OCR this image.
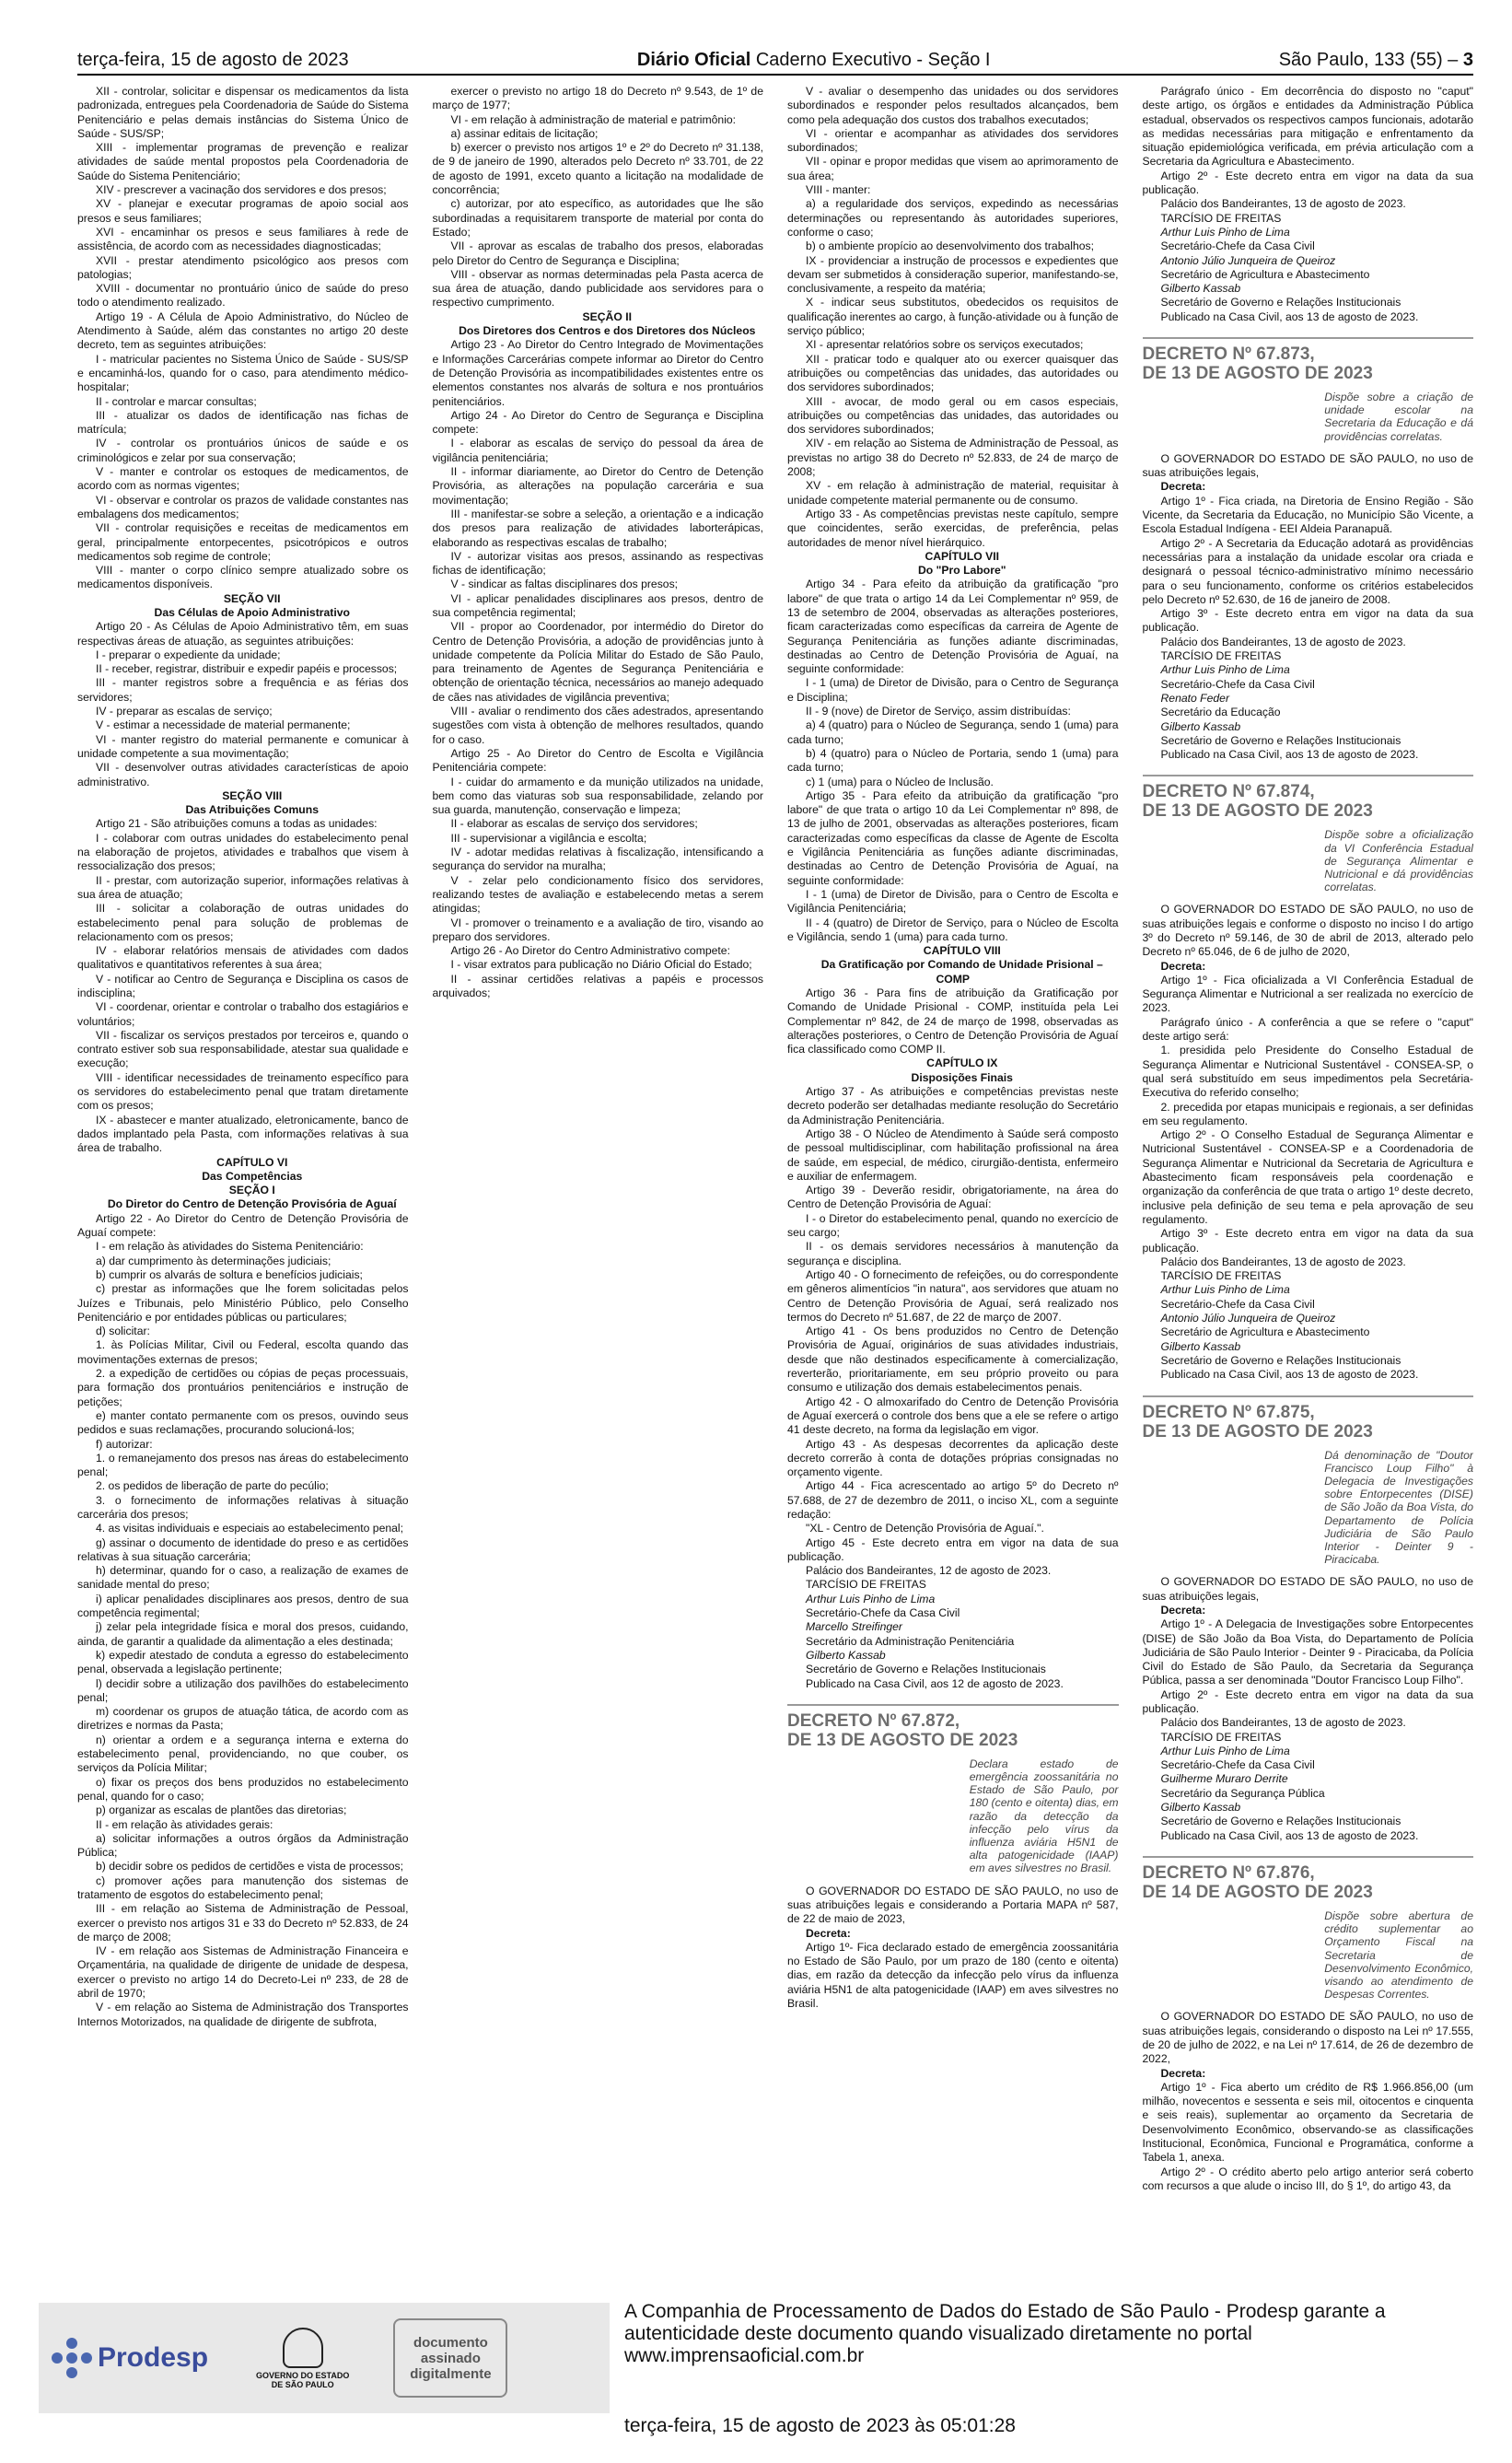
terça-feira, 15 de agosto de 2023	Diário Oficial Caderno Executivo - Seção I	São Paulo, 133 (55) – 3

XII - controlar, solicitar e dispensar os medicamentos da lista padronizada, entregues pela Coordenadoria de Saúde do Sistema Penitenciário e pelas demais instâncias do Sistema Único de Saúde - SUS/SP;

XIII - implementar programas de prevenção e realizar atividades de saúde mental propostos pela Coordenadoria de Saúde do Sistema Penitenciário;

XIV - prescrever a vacinação dos servidores e dos presos;

XV - planejar e executar programas de apoio social aos presos e seus familiares;

XVI - encaminhar os presos e seus familiares à rede de assistência, de acordo com as necessidades diagnosticadas;

XVII - prestar atendimento psicológico aos presos com patologias;

XVIII - documentar no prontuário único de saúde do preso todo o atendimento realizado.

Artigo 19 - A Célula de Apoio Administrativo, do Núcleo de Atendimento à Saúde, além das constantes no artigo 20 deste decreto, tem as seguintes atribuições:

I - matricular pacientes no Sistema Único de Saúde - SUS/SP e encaminhá-los, quando for o caso, para atendimento médico-hospitalar;

II - controlar e marcar consultas;

III - atualizar os dados de identificação nas fichas de matrícula;

IV - controlar os prontuários únicos de saúde e os criminológicos e zelar por sua conservação;

V - manter e controlar os estoques de medicamentos, de acordo com as normas vigentes;

VI - observar e controlar os prazos de validade constantes nas embalagens dos medicamentos;

VII - controlar requisições e receitas de medicamentos em geral, principalmente entorpecentes, psicotrópicos e outros medicamentos sob regime de controle;

VIII - manter o corpo clínico sempre atualizado sobre os medicamentos disponíveis.

SEÇÃO VII

Das Células de Apoio Administrativo

Artigo 20 - As Células de Apoio Administrativo têm, em suas respectivas áreas de atuação, as seguintes atribuições:

I - preparar o expediente da unidade;

II - receber, registrar, distribuir e expedir papéis e processos;

III - manter registros sobre a frequência e as férias dos servidores;

IV - preparar as escalas de serviço;

V - estimar a necessidade de material permanente;

VI - manter registro do material permanente e comunicar à unidade competente a sua movimentação;

VII - desenvolver outras atividades características de apoio administrativo.

SEÇÃO VIII

Das Atribuições Comuns

Artigo 21 - São atribuições comuns a todas as unidades:

I - colaborar com outras unidades do estabelecimento penal na elaboração de projetos, atividades e trabalhos que visem à ressocialização dos presos;

II - prestar, com autorização superior, informações relativas à sua área de atuação;

III - solicitar a colaboração de outras unidades do estabelecimento penal para solução de problemas de relacionamento com os presos;

IV - elaborar relatórios mensais de atividades com dados qualitativos e quantitativos referentes à sua área;

V - notificar ao Centro de Segurança e Disciplina os casos de indisciplina;

VI - coordenar, orientar e controlar o trabalho dos estagiários e voluntários;

VII - fiscalizar os serviços prestados por terceiros e, quando o contrato estiver sob sua responsabilidade, atestar sua qualidade e execução;

VIII - identificar necessidades de treinamento específico para os servidores do estabelecimento penal que tratam diretamente com os presos;

IX - abastecer e manter atualizado, eletronicamente, banco de dados implantado pela Pasta, com informações relativas à sua área de trabalho.

CAPÍTULO VI

Das Competências

SEÇÃO I

Do Diretor do Centro de Detenção Provisória de Aguaí

Artigo 22 - Ao Diretor do Centro de Detenção Provisória de Aguaí compete:

I - em relação às atividades do Sistema Penitenciário:

a) dar cumprimento às determinações judiciais;

b) cumprir os alvarás de soltura e benefícios judiciais;

c) prestar as informações que lhe forem solicitadas pelos Juízes e Tribunais, pelo Ministério Público, pelo Conselho Penitenciário e por entidades públicas ou particulares;

d) solicitar:

1. às Polícias Militar, Civil ou Federal, escolta quando das movimentações externas de presos;

2. a expedição de certidões ou cópias de peças processuais, para formação dos prontuários penitenciários e instrução de petições;

e) manter contato permanente com os presos, ouvindo seus pedidos e suas reclamações, procurando solucioná-los;

f) autorizar:

1. o remanejamento dos presos nas áreas do estabelecimento penal;

2. os pedidos de liberação de parte do pecúlio;

3. o fornecimento de informações relativas à situação carcerária dos presos;

4. as visitas individuais e especiais ao estabelecimento penal;

g) assinar o documento de identidade do preso e as certidões relativas à sua situação carcerária;

h) determinar, quando for o caso, a realização de exames de sanidade mental do preso;

i) aplicar penalidades disciplinares aos presos, dentro de sua competência regimental;

j) zelar pela integridade física e moral dos presos, cuidando, ainda, de garantir a qualidade da alimentação a eles destinada;

k) expedir atestado de conduta a egresso do estabelecimento penal, observada a legislação pertinente;

l) decidir sobre a utilização dos pavilhões do estabelecimento penal;

m) coordenar os grupos de atuação tática, de acordo com as diretrizes e normas da Pasta;

n) orientar a ordem e a segurança interna e externa do estabelecimento penal, providenciando, no que couber, os serviços da Polícia Militar;

o) fixar os preços dos bens produzidos no estabelecimento penal, quando for o caso;

p) organizar as escalas de plantões das diretorias;

II - em relação às atividades gerais:

a) solicitar informações a outros órgãos da Administração Pública;

b) decidir sobre os pedidos de certidões e vista de processos;

c) promover ações para manutenção dos sistemas de tratamento de esgotos do estabelecimento penal;

III - em relação ao Sistema de Administração de Pessoal, exercer o previsto nos artigos 31 e 33 do Decreto nº 52.833, de 24 de março de 2008;

IV - em relação aos Sistemas de Administração Financeira e Orçamentária, na qualidade de dirigente de unidade de despesa, exercer o previsto no artigo 14 do Decreto-Lei nº 233, de 28 de abril de 1970;

V - em relação ao Sistema de Administração dos Transportes Internos Motorizados, na qualidade de dirigente de subfrota,

exercer o previsto no artigo 18 do Decreto nº 9.543, de 1º de março de 1977;

VI - em relação à administração de material e patrimônio:

a) assinar editais de licitação;

b) exercer o previsto nos artigos 1º e 2º do Decreto nº 31.138, de 9 de janeiro de 1990, alterados pelo Decreto nº 33.701, de 22 de agosto de 1991, exceto quanto a licitação na modalidade de concorrência;

c) autorizar, por ato específico, as autoridades que lhe são subordinadas a requisitarem transporte de material por conta do Estado;

VII - aprovar as escalas de trabalho dos presos, elaboradas pelo Diretor do Centro de Segurança e Disciplina;

VIII - observar as normas determinadas pela Pasta acerca de sua área de atuação, dando publicidade aos servidores para o respectivo cumprimento.

SEÇÃO II

Dos Diretores dos Centros e dos Diretores dos Núcleos

Artigo 23 - Ao Diretor do Centro Integrado de Movimentações e Informações Carcerárias compete informar ao Diretor do Centro de Detenção Provisória as incompatibilidades existentes entre os elementos constantes nos alvarás de soltura e nos prontuários penitenciários.

Artigo 24 - Ao Diretor do Centro de Segurança e Disciplina compete:

I - elaborar as escalas de serviço do pessoal da área de vigilância penitenciária;

II - informar diariamente, ao Diretor do Centro de Detenção Provisória, as alterações na população carcerária e sua movimentação;

III - manifestar-se sobre a seleção, a orientação e a indicação dos presos para realização de atividades laborterápicas, elaborando as respectivas escalas de trabalho;

IV - autorizar visitas aos presos, assinando as respectivas fichas de identificação;

V - sindicar as faltas disciplinares dos presos;

VI - aplicar penalidades disciplinares aos presos, dentro de sua competência regimental;

VII - propor ao Coordenador, por intermédio do Diretor do Centro de Detenção Provisória, a adoção de providências junto à unidade competente da Polícia Militar do Estado de São Paulo, para treinamento de Agentes de Segurança Penitenciária e obtenção de orientação técnica, necessários ao manejo adequado de cães nas atividades de vigilância preventiva;

VIII - avaliar o rendimento dos cães adestrados, apresentando sugestões com vista à obtenção de melhores resultados, quando for o caso.

Artigo 25 - Ao Diretor do Centro de Escolta e Vigilância Penitenciária compete:

I - cuidar do armamento e da munição utilizados na unidade, bem como das viaturas sob sua responsabilidade, zelando por sua guarda, manutenção, conservação e limpeza;

II - elaborar as escalas de serviço dos servidores;

III - supervisionar a vigilância e escolta;

IV - adotar medidas relativas à fiscalização, intensificando a segurança do servidor na muralha;

V - zelar pelo condicionamento físico dos servidores, realizando testes de avaliação e estabelecendo metas a serem atingidas;

VI - promover o treinamento e a avaliação de tiro, visando ao preparo dos servidores.

Artigo 26 - Ao Diretor do Centro Administrativo compete:

I - visar extratos para publicação no Diário Oficial do Estado;

II - assinar certidões relativas a papéis e processos arquivados;

V - avaliar o desempenho das unidades ou dos servidores subordinados e responder pelos resultados alcançados, bem como pela adequação dos custos dos trabalhos executados;

VI - orientar e acompanhar as atividades dos servidores subordinados;

VII - opinar e propor medidas que visem ao aprimoramento de sua área;

VIII - manter:

a) a regularidade dos serviços, expedindo as necessárias determinações ou representando às autoridades superiores, conforme o caso;

b) o ambiente propício ao desenvolvimento dos trabalhos;

IX - providenciar a instrução de processos e expedientes que devam ser submetidos à consideração superior, manifestando-se, conclusivamente, a respeito da matéria;

X - indicar seus substitutos, obedecidos os requisitos de qualificação inerentes ao cargo, à função-atividade ou à função de serviço público;

XI - apresentar relatórios sobre os serviços executados;

XII - praticar todo e qualquer ato ou exercer quaisquer das atribuições ou competências das unidades, das autoridades ou dos servidores subordinados;

XIII - avocar, de modo geral ou em casos especiais, atribuições ou competências das unidades, das autoridades ou dos servidores subordinados;

XIV - em relação ao Sistema de Administração de Pessoal, as previstas no artigo 38 do Decreto nº 52.833, de 24 de março de 2008;

XV - em relação à administração de material, requisitar à unidade competente material permanente ou de consumo.

Artigo 33 - As competências previstas neste capítulo, sempre que coincidentes, serão exercidas, de preferência, pelas autoridades de menor nível hierárquico.

CAPÍTULO VII

Do "Pro Labore"

Artigo 34 - Para efeito da atribuição da gratificação "pro labore" de que trata o artigo 14 da Lei Complementar nº 959, de 13 de setembro de 2004, observadas as alterações posteriores, ficam caracterizadas como específicas da carreira de Agente de Segurança Penitenciária as funções adiante discriminadas, destinadas ao Centro de Detenção Provisória de Aguaí, na seguinte conformidade:

I - 1 (uma) de Diretor de Divisão, para o Centro de Segurança e Disciplina;

II - 9 (nove) de Diretor de Serviço, assim distribuídas:

a) 4 (quatro) para o Núcleo de Segurança, sendo 1 (uma) para cada turno;

b) 4 (quatro) para o Núcleo de Portaria, sendo 1 (uma) para cada turno;

c) 1 (uma) para o Núcleo de Inclusão.

Artigo 35 - Para efeito da atribuição da gratificação "pro labore" de que trata o artigo 10 da Lei Complementar nº 898, de 13 de julho de 2001, observadas as alterações posteriores, ficam caracterizadas como específicas da classe de Agente de Escolta e Vigilância Penitenciária as funções adiante discriminadas, destinadas ao Centro de Detenção Provisória de Aguaí, na seguinte conformidade:

I - 1 (uma) de Diretor de Divisão, para o Centro de Escolta e Vigilância Penitenciária;

II - 4 (quatro) de Diretor de Serviço, para o Núcleo de Escolta e Vigilância, sendo 1 (uma) para cada turno.

CAPÍTULO VIII

Da Gratificação por Comando de Unidade Prisional – COMP

Artigo 36 - Para fins de atribuição da Gratificação por Comando de Unidade Prisional - COMP, instituída pela Lei Complementar nº 842, de 24 de março de 1998, observadas as alterações posteriores, o Centro de Detenção Provisória de Aguaí fica classificado como COMP II.

CAPÍTULO IX

Disposições Finais

Artigo 37 - As atribuições e competências previstas neste decreto poderão ser detalhadas mediante resolução do Secretário da Administração Penitenciária.

Artigo 38 - O Núcleo de Atendimento à Saúde será composto de pessoal multidisciplinar, com habilitação profissional na área de saúde, em especial, de médico, cirurgião-dentista, enfermeiro e auxiliar de enfermagem.

Artigo 39 - Deverão residir, obrigatoriamente, na área do Centro de Detenção Provisória de Aguaí:

I - o Diretor do estabelecimento penal, quando no exercício de seu cargo;

II - os demais servidores necessários à manutenção da segurança e disciplina.

Artigo 40 - O fornecimento de refeições, ou do correspondente em gêneros alimentícios "in natura", aos servidores que atuam no Centro de Detenção Provisória de Aguaí, será realizado nos termos do Decreto nº 51.687, de 22 de março de 2007.

Artigo 41 - Os bens produzidos no Centro de Detenção Provisória de Aguaí, originários de suas atividades industriais, desde que não destinados especificamente à comercialização, reverterão, prioritariamente, em seu próprio proveito ou para consumo e utilização dos demais estabelecimentos penais.

Artigo 42 - O almoxarifado do Centro de Detenção Provisória de Aguaí exercerá o controle dos bens que a ele se refere o artigo 41 deste decreto, na forma da legislação em vigor.

Artigo 43 - As despesas decorrentes da aplicação deste decreto correrão à conta de dotações próprias consignadas no orçamento vigente.

Artigo 44 - Fica acrescentado ao artigo 5º do Decreto nº 57.688, de 27 de dezembro de 2011, o inciso XL, com a seguinte redação:

"XL - Centro de Detenção Provisória de Aguaí.".

Artigo 45 - Este decreto entra em vigor na data de sua publicação.

Palácio dos Bandeirantes, 12 de agosto de 2023.

TARCÍSIO DE FREITAS

Arthur Luis Pinho de Lima

Secretário-Chefe da Casa Civil

Marcello Streifinger

Secretário da Administração Penitenciária

Gilberto Kassab

Secretário de Governo e Relações Institucionais

Publicado na Casa Civil, aos 12 de agosto de 2023.

DECRETO Nº 67.872,
DE 13 DE AGOSTO DE 2023

Declara estado de emergência zoossanitária no Estado de São Paulo, por 180 (cento e oitenta) dias, em razão da detecção da infecção pelo vírus da influenza aviária H5N1 de alta patogenicidade (IAAP) em aves silvestres no Brasil.

O GOVERNADOR DO ESTADO DE SÃO PAULO, no uso de suas atribuições legais e considerando a Portaria MAPA nº 587, de 22 de maio de 2023,

Decreta:

Artigo 1º- Fica declarado estado de emergência zoossanitária no Estado de São Paulo, por um prazo de 180 (cento e oitenta) dias, em razão da detecção da infecção pelo vírus da influenza aviária H5N1 de alta patogenicidade (IAAP) em aves silvestres no Brasil.

Parágrafo único - Em decorrência do disposto no "caput" deste artigo, os órgãos e entidades da Administração Pública estadual, observados os respectivos campos funcionais, adotarão as medidas necessárias para mitigação e enfrentamento da situação epidemiológica verificada, em prévia articulação com a Secretaria da Agricultura e Abastecimento.

Artigo 2º - Este decreto entra em vigor na data da sua publicação.

Palácio dos Bandeirantes, 13 de agosto de 2023.

TARCÍSIO DE FREITAS

Arthur Luis Pinho de Lima

Secretário-Chefe da Casa Civil

Antonio Júlio Junqueira de Queiroz

Secretário de Agricultura e Abastecimento

Gilberto Kassab

Secretário de Governo e Relações Institucionais

Publicado na Casa Civil, aos 13 de agosto de 2023.

DECRETO Nº 67.873,
DE 13 DE AGOSTO DE 2023

Dispõe sobre a criação de unidade escolar na Secretaria da Educação e dá providências correlatas.

O GOVERNADOR DO ESTADO DE SÃO PAULO, no uso de suas atribuições legais,

Decreta:

Artigo 1º - Fica criada, na Diretoria de Ensino Região - São Vicente, da Secretaria da Educação, no Município São Vicente, a Escola Estadual Indígena - EEI Aldeia Paranapuã.

Artigo 2º - A Secretaria da Educação adotará as providências necessárias para a instalação da unidade escolar ora criada e designará o pessoal técnico-administrativo mínimo necessário para o seu funcionamento, conforme os critérios estabelecidos pelo Decreto nº 52.630, de 16 de janeiro de 2008.

Artigo 3º - Este decreto entra em vigor na data da sua publicação.

Palácio dos Bandeirantes, 13 de agosto de 2023.

TARCÍSIO DE FREITAS

Arthur Luis Pinho de Lima

Secretário-Chefe da Casa Civil

Renato Feder

Secretário da Educação

Gilberto Kassab

Secretário de Governo e Relações Institucionais

Publicado na Casa Civil, aos 13 de agosto de 2023.

DECRETO Nº 67.874,
DE 13 DE AGOSTO DE 2023

Dispõe sobre a oficialização da VI Conferência Estadual de Segurança Alimentar e Nutricional e dá providências correlatas.

O GOVERNADOR DO ESTADO DE SÃO PAULO, no uso de suas atribuições legais e conforme o disposto no inciso I do artigo 3º do Decreto nº 59.146, de 30 de abril de 2013, alterado pelo Decreto nº 65.046, de 6 de julho de 2020,

Decreta:

Artigo 1º - Fica oficializada a VI Conferência Estadual de Segurança Alimentar e Nutricional a ser realizada no exercício de 2023.

Parágrafo único - A conferência a que se refere o "caput" deste artigo será:

1. presidida pelo Presidente do Conselho Estadual de Segurança Alimentar e Nutricional Sustentável - CONSEA-SP, o qual será substituído em seus impedimentos pela Secretária-Executiva do referido conselho;

2. precedida por etapas municipais e regionais, a ser definidas em seu regulamento.

Artigo 2º - O Conselho Estadual de Segurança Alimentar e Nutricional Sustentável - CONSEA-SP e a Coordenadoria de Segurança Alimentar e Nutricional da Secretaria de Agricultura e Abastecimento ficam responsáveis pela coordenação e organização da conferência de que trata o artigo 1º deste decreto, inclusive pela definição de seu tema e pela aprovação de seu regulamento.

Artigo 3º - Este decreto entra em vigor na data da sua publicação.

Palácio dos Bandeirantes, 13 de agosto de 2023.

TARCÍSIO DE FREITAS

Arthur Luis Pinho de Lima

Secretário-Chefe da Casa Civil

Antonio Júlio Junqueira de Queiroz

Secretário de Agricultura e Abastecimento

Gilberto Kassab

Secretário de Governo e Relações Institucionais

Publicado na Casa Civil, aos 13 de agosto de 2023.

DECRETO Nº 67.875,
DE 13 DE AGOSTO DE 2023

Dá denominação de "Doutor Francisco Loup Filho" à Delegacia de Investigações sobre Entorpecentes (DISE) de São João da Boa Vista, do Departamento de Polícia Judiciária de São Paulo Interior - Deinter 9 - Piracicaba.

O GOVERNADOR DO ESTADO DE SÃO PAULO, no uso de suas atribuições legais,

Decreta:

Artigo 1º - A Delegacia de Investigações sobre Entorpecentes (DISE) de São João da Boa Vista, do Departamento de Polícia Judiciária de São Paulo Interior - Deinter 9 - Piracicaba, da Polícia Civil do Estado de São Paulo, da Secretaria da Segurança Pública, passa a ser denominada "Doutor Francisco Loup Filho".

Artigo 2º - Este decreto entra em vigor na data da sua publicação.

Palácio dos Bandeirantes, 13 de agosto de 2023.

TARCÍSIO DE FREITAS

Arthur Luis Pinho de Lima

Secretário-Chefe da Casa Civil

Guilherme Muraro Derrite

Secretário da Segurança Pública

Gilberto Kassab

Secretário de Governo e Relações Institucionais

Publicado na Casa Civil, aos 13 de agosto de 2023.

DECRETO Nº 67.876,
DE 14 DE AGOSTO DE 2023

Dispõe sobre abertura de crédito suplementar ao Orçamento Fiscal na Secretaria de Desenvolvimento Econômico, visando ao atendimento de Despesas Correntes.

O GOVERNADOR DO ESTADO DE SÃO PAULO, no uso de suas atribuições legais, considerando o disposto na Lei nº 17.555, de 20 de julho de 2022, e na Lei nº 17.614, de 26 de dezembro de 2022,

Decreta:

Artigo 1º - Fica aberto um crédito de R$ 1.966.856,00 (um milhão, novecentos e sessenta e seis mil, oitocentos e cinquenta e seis reais), suplementar ao orçamento da Secretaria de Desenvolvimento Econômico, observando-se as classificações Institucional, Econômica, Funcional e Programática, conforme a Tabela 1, anexa.

Artigo 2º - O crédito aberto pelo artigo anterior será coberto com recursos a que alude o inciso III, do § 1º, do artigo 43, da

Prodesp
GOVERNO DO ESTADO
DE SÃO PAULO
documento
assinado
digitalmente
A Companhia de Processamento de Dados do Estado de São Paulo - Prodesp garante a autenticidade deste documento quando visualizado diretamente no portal www.imprensaoficial.com.br
terça-feira, 15 de agosto de 2023 às 05:01:28
